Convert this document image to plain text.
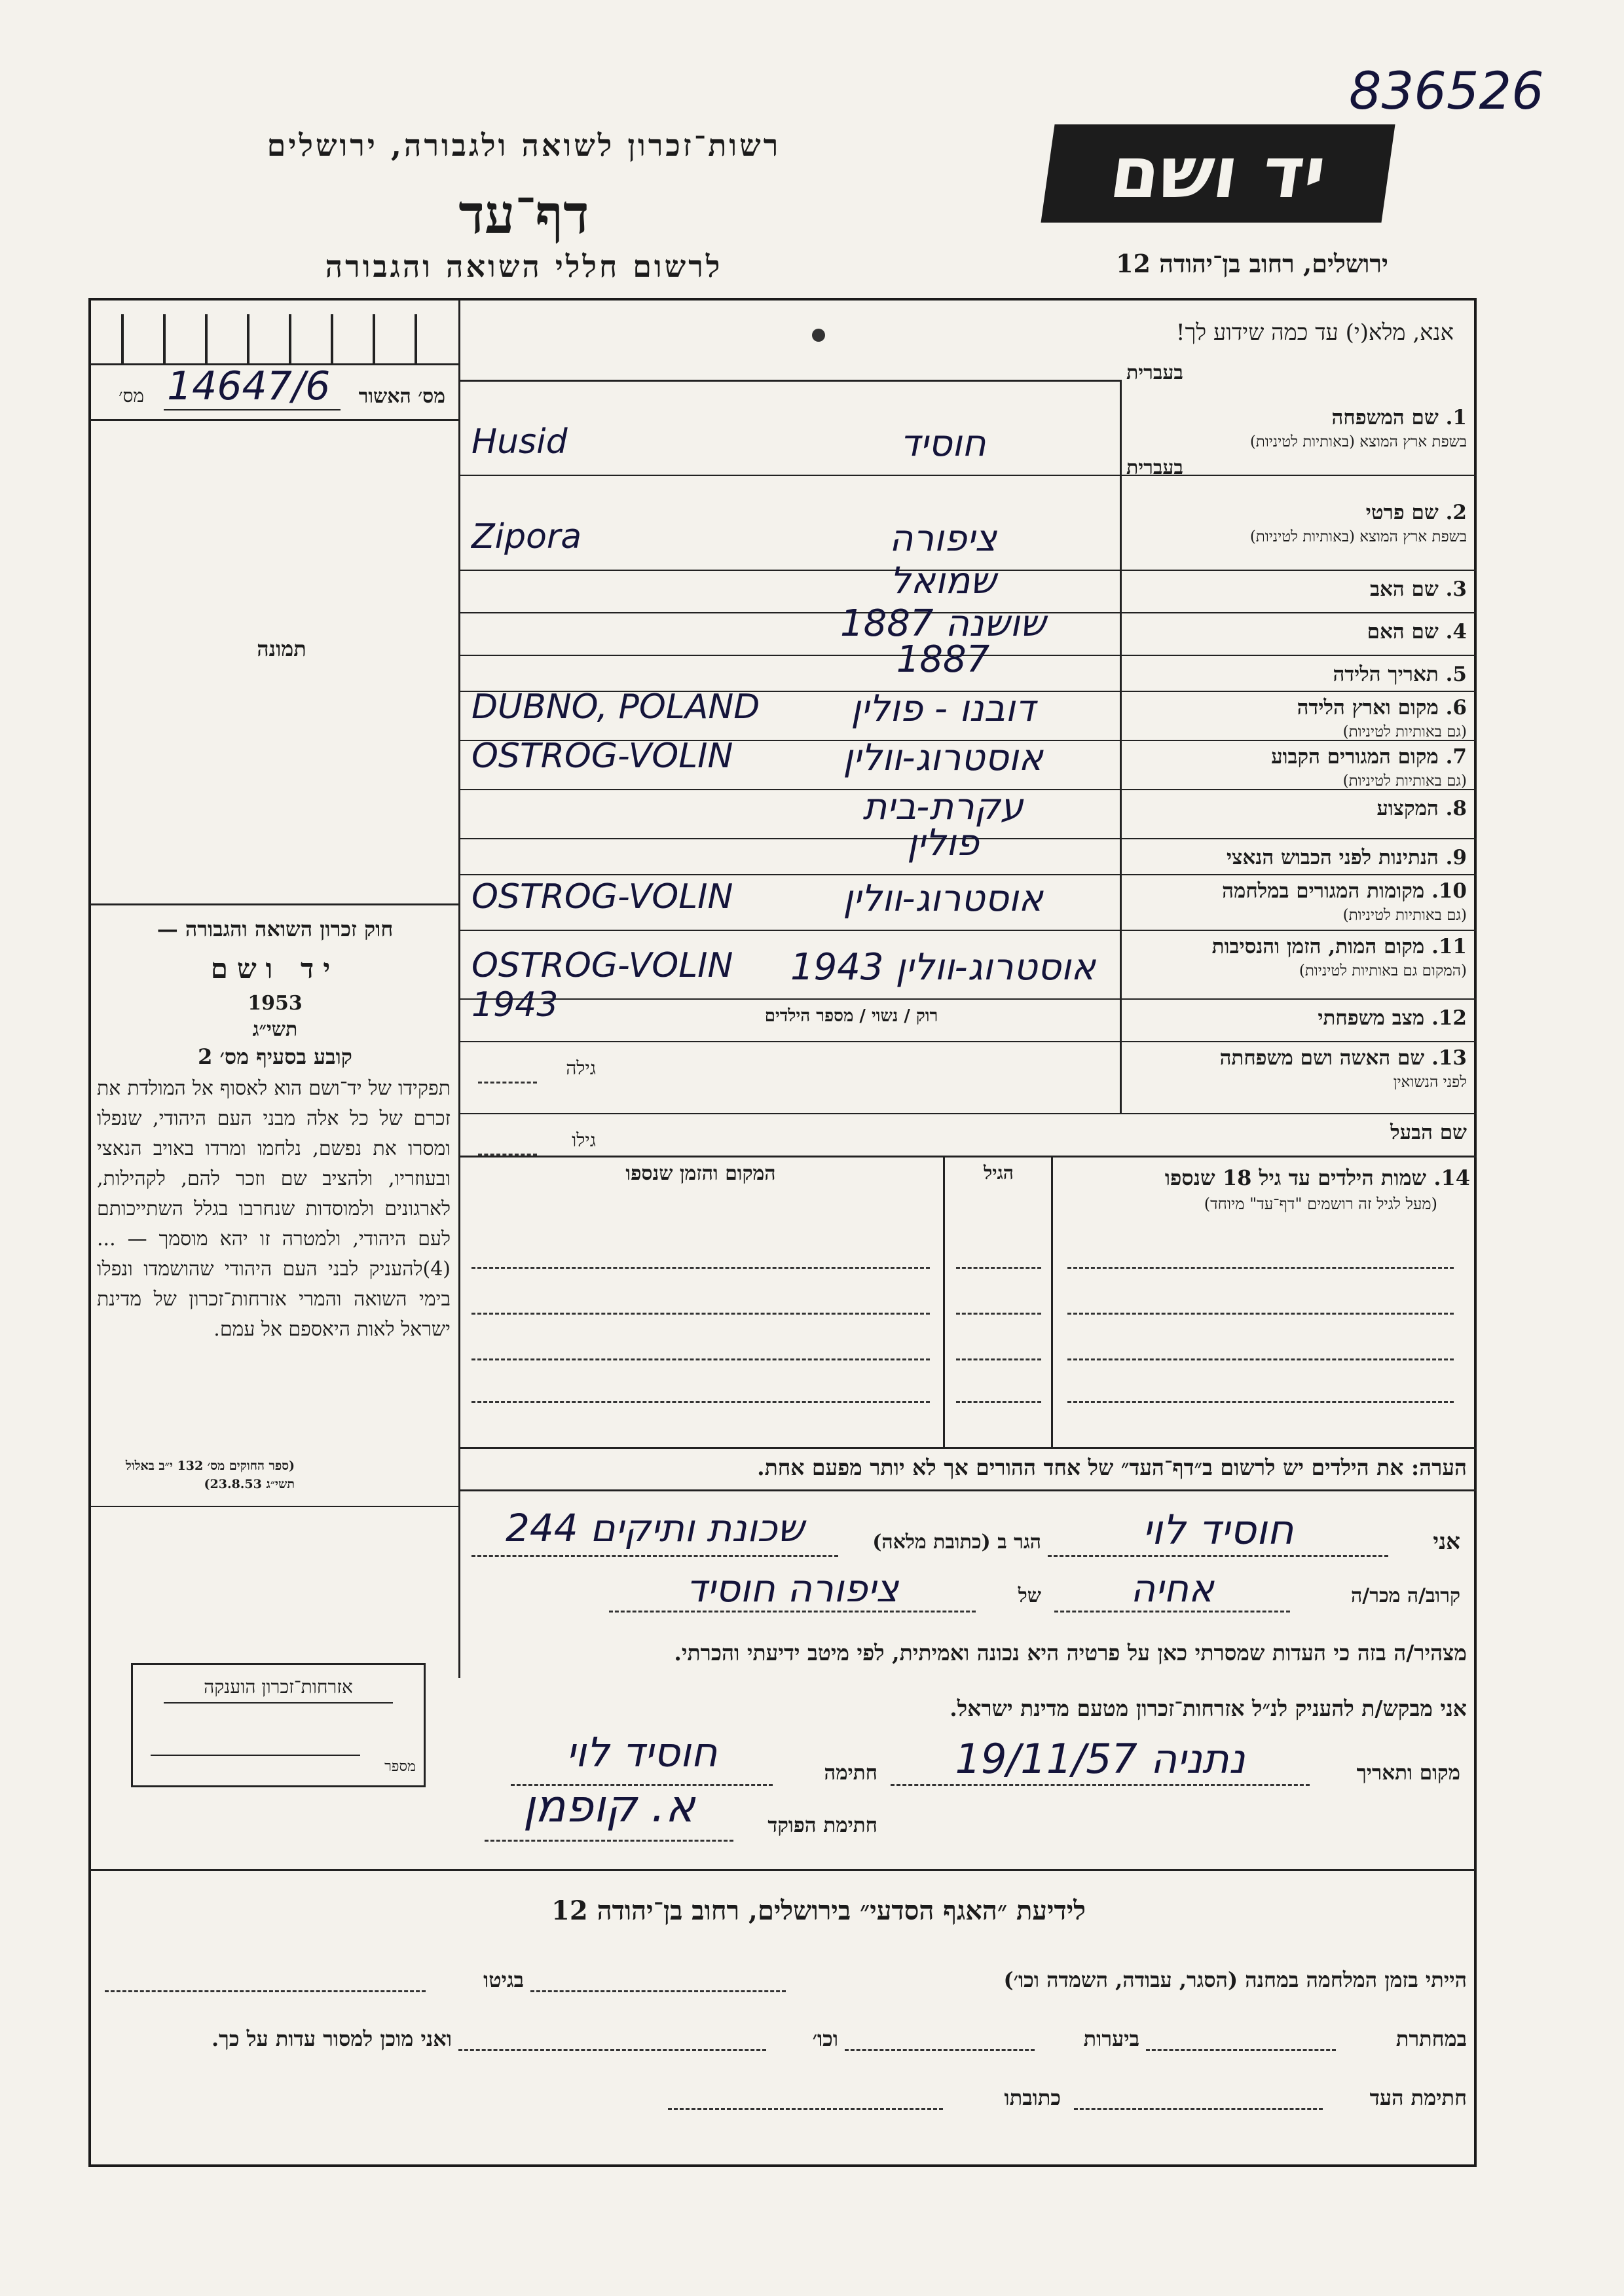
836526
רשות־זכרון לשואה ולגבורה, ירושלים
דף־עד
לרשום חללי השואה והגבורה
יד ושם
ירושלים, רחוב בן־יהודה 12
אנא, מלא(י) עד כמה שידוע לך!
מס׳ האשור
מס׳ 14647/6
תמונה
חוק זכרון השואה והגבורה —
יד ושם
תשי״ג
1953
קובע בסעיף מס׳ 2
תפקידו של יד־ושם הוא לאסוף אל המולדת את זכרם של כל אלה מבני העם היהודי, שנפלו ומסרו את נפשם, נלחמו ומרדו באויב הנאצי ובעוזריו, ולהציב שם וזכר להם, לקהילות, לארגונים ולמוסדות שנחרבו בגלל השתייכותם לעם היהודי, ולמטרה זו יהא מוסמך — ...(4)להעניק לבני העם היהודי שהושמדו ונפלו בימי השואה והמרי אזרחות־זכרון של מדינת ישראל לאות היאספם אל עמם.
(ספר החוקים מס׳ 132 י״ב באלול תשי״ג 23.8.53)
אזרחות־זכרון הוענקה
מספר
1. שם המשפחה
בעברית
בשפת ארץ המוצא (באותיות לטיניות)
חוסיד
Husid
2. שם פרטי
בעברית
בשפת ארץ המוצא (באותיות לטיניות)
ציפורה
Zipora
3. שם האב
שמואל
4. שם האם
שושנה 1887
5. תאריך הלידה
1887
6. מקום וארץ הלידה
(גם באותיות לטיניות)
דובנו - פולין
DUBNO, POLAND
7. מקום המגורים הקבוע
(גם באותיות לטיניות)
אוסטרוג-וולין
OSTROG-VOLIN
8. המקצוע
עקרת-בית
9. הנתינות לפני הכבוש הנאצי
פולין
10. מקומות המגורים במלחמה
(גם באותיות לטיניות)
אוסטרוג-וולין
OSTROG-VOLIN
11. מקום המות, הזמן והנסיבות
(המקום גם באותיות לטיניות)
אוסטרוג-וולין 1943
OSTROG-VOLIN 1943	12. מצב משפחתי
רוק / נשוי / מספר הילדים
13. שם האשה ושם משפחתה
לפני הנשואין
גילה
שם הבעל
גילו
14. שמות הילדים עד גיל 18 שנספו
(מעל לגיל זה רושמים "דף־עד" מיוחד)
הגיל
המקום והזמן שנספו
הערה: את הילדים יש לרשום ב״דף־העד״ של אחד ההורים אך לא יותר מפעם אחת.
אני
חוסיד לוי
הגר ב (כתובת מלאה)
שכונת ותיקים 244
קרוב/ה מכר/ה
אחיה
של
ציפורה חוסיד
מצהיר/ה בזה כי העדות שמסרתי כאן על פרטיה היא נכונה ואמיתית, לפי מיטב ידיעתי והכרתי.
אני מבקש/ת להעניק לנ״ל אזרחות־זכרון מטעם מדינת ישראל.
מקום ותאריך
נתניה 19/11/57
חתימה
חוסיד לוי
חתימת הפוקד
א. קופמן
לידיעת ״האגף הסדעי״ בירושלים, רחוב בן־יהודה 12
הייתי בזמן המלחמה במחנה (הסגר, עבודה, השמדה וכו׳)
בגיטו
במחתרת
ביערות
וכו׳
ואני מוכן למסור עדות על כך.
חתימת העד
כתובתו
